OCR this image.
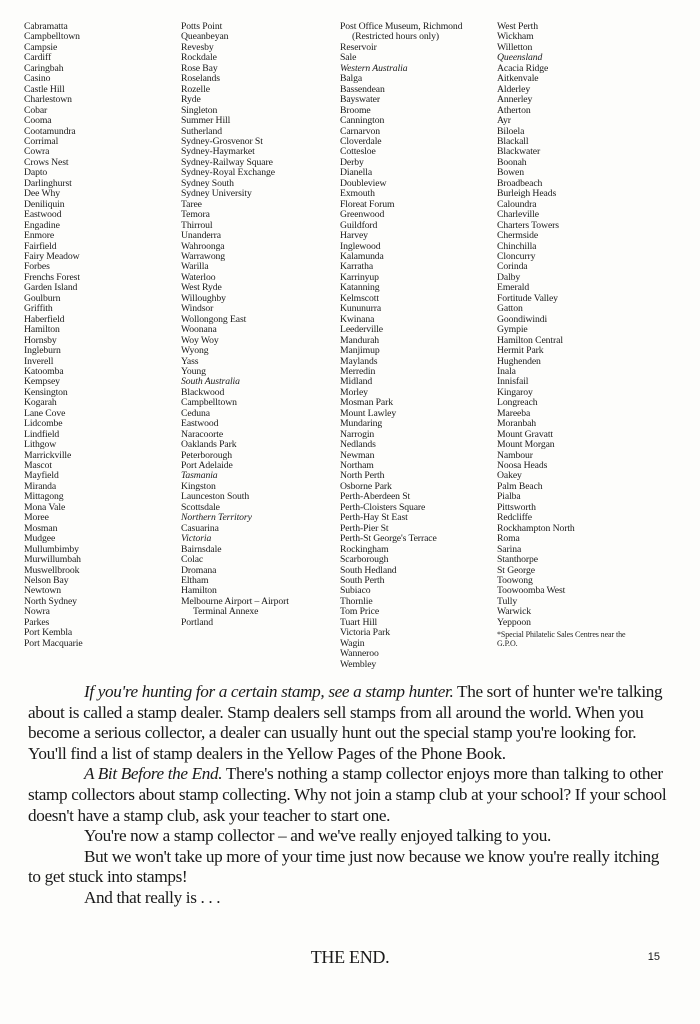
Cabramatta
Campbelltown
Campsie
Cardiff
Caringbah
Casino
Castle Hill
Charlestown
Cobar
Cooma
Cootamundra
Corrimal
Cowra
Crows Nest
Dapto
Darlinghurst
Dee Why
Deniliquin
Eastwood
Engadine
Enmore
Fairfield
Fairy Meadow
Forbes
Frenchs Forest
Garden Island
Goulburn
Griffith
Haberfield
Hamilton
Hornsby
Ingleburn
Inverell
Katoomba
Kempsey
Kensington
Kogarah
Lane Cove
Lidcombe
Lindfield
Lithgow
Marrickville
Mascot
Mayfield
Miranda
Mittagong
Mona Vale
Moree
Mosman
Mudgee
Mullumbimby
Murwillumbah
Muswellbrook
Nelson Bay
Newtown
North Sydney
Nowra
Parkes
Port Kembla
Port Macquarie
Potts Point
Queanbeyan
Revesby
Rockdale
Rose Bay
Roselands
Rozelle
Ryde
Singleton
Summer Hill
Sutherland
Sydney-Grosvenor St
Sydney-Haymarket
Sydney-Railway Square
Sydney-Royal Exchange
Sydney South
Sydney University
Taree
Temora
Thirroul
Unanderra
Wahroonga
Warrawong
Warilla
Waterloo
West Ryde
Willoughby
Windsor
Wollongong East
Woonana
Woy Woy
Wyong
Yass
Young
South Australia
Blackwood
Campbelltown
Ceduna
Eastwood
Naracoorte
Oaklands Park
Peterborough
Port Adelaide
Tasmania
Kingston
Launceston South
Scottsdale
Northern Territory
Casuarina
Victoria
Bairnsdale
Colac
Dromana
Eltham
Hamilton
Melbourne Airport – Airport
Terminal Annexe
Portland
Post Office Museum, Richmond
(Restricted hours only)
Reservoir
Sale
Western Australia
Balga
Bassendean
Bayswater
Broome
Cannington
Carnarvon
Cloverdale
Cottesloe
Derby
Dianella
Doubleview
Exmouth
Floreat Forum
Greenwood
Guildford
Harvey
Inglewood
Kalamunda
Karratha
Karrinyup
Katanning
Kelmscott
Kununurra
Kwinana
Leederville
Mandurah
Manjimup
Maylands
Merredin
Midland
Morley
Mosman Park
Mount Lawley
Mundaring
Narrogin
Nedlands
Newman
Northam
North Perth
Osborne Park
Perth-Aberdeen St
Perth-Cloisters Square
Perth-Hay St East
Perth-Pier St
Perth-St George's Terrace
Rockingham
Scarborough
South Hedland
South Perth
Subiaco
Thornlie
Tom Price
Tuart Hill
Victoria Park
Wagin
Wanneroo
Wembley
West Perth
Wickham
Willetton
Queensland
Acacia Ridge
Aitkenvale
Alderley
Annerley
Atherton
Ayr
Biloela
Blackall
Blackwater
Boonah
Bowen
Broadbeach
Burleigh Heads
Caloundra
Charleville
Charters Towers
Chermside
Chinchilla
Cloncurry
Corinda
Dalby
Emerald
Fortitude Valley
Gatton
Goondiwindi
Gympie
Hamilton Central
Hermit Park
Hughenden
Inala
Innisfail
Kingaroy
Longreach
Mareeba
Moranbah
Mount Gravatt
Mount Morgan
Nambour
Noosa Heads
Oakey
Palm Beach
Pialba
Pittsworth
Redcliffe
Rockhampton North
Roma
Sarina
Stanthorpe
St George
Toowong
Toowoomba West
Tully
Warwick
Yeppoon
*Special Philatelic Sales Centres near the G.P.O.

If you're hunting for a certain stamp, see a stamp hunter. The sort of hunter we're talking about is called a stamp dealer. Stamp dealers sell stamps from all around the world. When you become a serious collector, a dealer can usually hunt out the special stamp you're looking for. You'll find a list of stamp dealers in the Yellow Pages of the Phone Book.

A Bit Before the End. There's nothing a stamp collector enjoys more than talking to other stamp collectors about stamp collecting. Why not join a stamp club at your school? If your school doesn't have a stamp club, ask your teacher to start one.

You're now a stamp collector – and we've really enjoyed talking to you.

But we won't take up more of your time just now because we know you're really itching to get stuck into stamps!

And that really is . . .

THE END.	15
